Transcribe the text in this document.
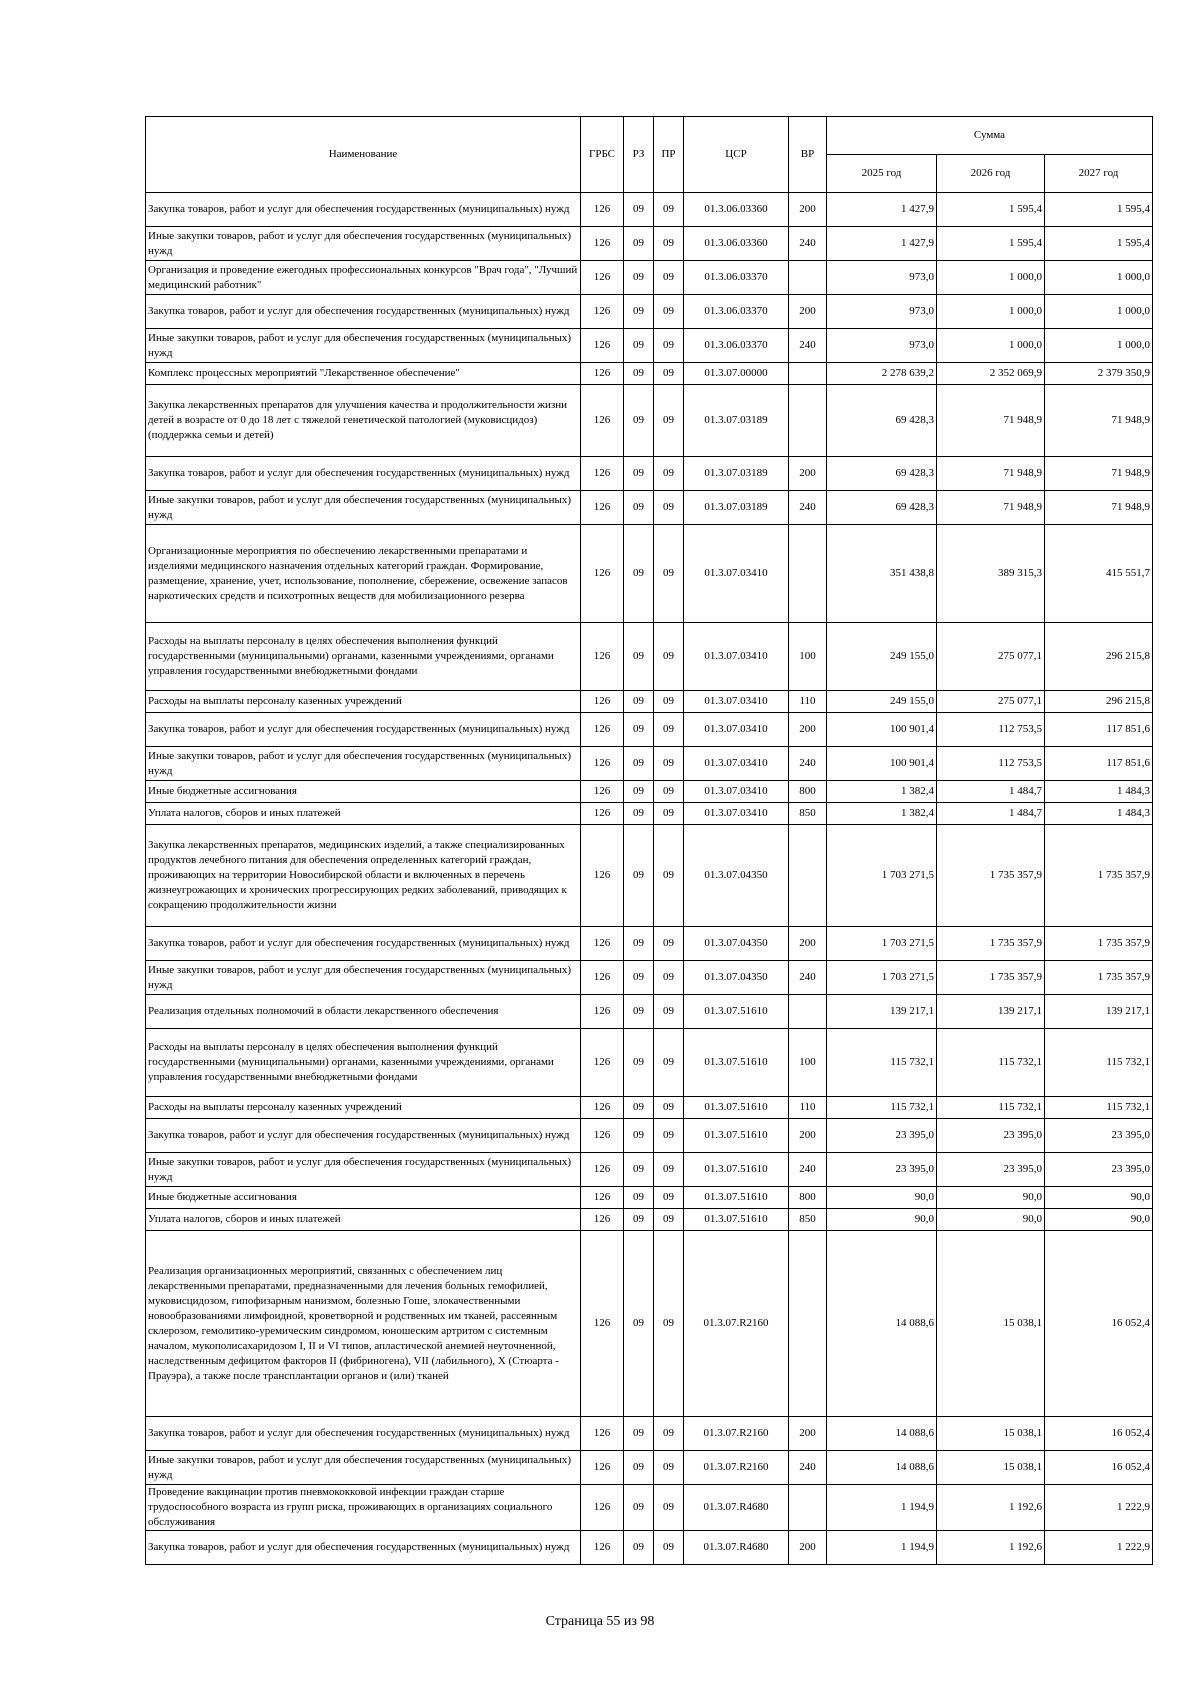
Наименование	ГРБС	РЗ	ПР	ЦСР	ВР	Сумма		
						2025 год	2026 год	2027 год
Закупка товаров, работ и услуг для обеспечения государственных (муниципальных) нужд	126	09	09	01.3.06.03360	200	1 427,9	1 595,4	1 595,4
Иные закупки товаров, работ и услуг для обеспечения государственных (муниципальных) нужд	126	09	09	01.3.06.03360	240	1 427,9	1 595,4	1 595,4
Организация и проведение ежегодных профессиональных конкурсов "Врач года", "Лучший медицинский работник"	126	09	09	01.3.06.03370		973,0	1 000,0	1 000,0
Закупка товаров, работ и услуг для обеспечения государственных (муниципальных) нужд	126	09	09	01.3.06.03370	200	973,0	1 000,0	1 000,0
Иные закупки товаров, работ и услуг для обеспечения государственных (муниципальных) нужд	126	09	09	01.3.06.03370	240	973,0	1 000,0	1 000,0
Комплекс процессных мероприятий "Лекарственное обеспечение"	126	09	09	01.3.07.00000		2 278 639,2	2 352 069,9	2 379 350,9
Закупка лекарственных препаратов для улучшения качества и продолжительности жизни детей в возрасте от 0 до 18 лет с тяжелой генетической патологией (муковисцидоз) (поддержка семьи и детей)	126	09	09	01.3.07.03189		69 428,3	71 948,9	71 948,9
Закупка товаров, работ и услуг для обеспечения государственных (муниципальных) нужд	126	09	09	01.3.07.03189	200	69 428,3	71 948,9	71 948,9
Иные закупки товаров, работ и услуг для обеспечения государственных (муниципальных) нужд	126	09	09	01.3.07.03189	240	69 428,3	71 948,9	71 948,9
Организационные мероприятия по обеспечению лекарственными препаратами и изделиями медицинского назначения отдельных категорий граждан. Формирование, размещение, хранение, учет, использование, пополнение, сбережение, освежение запасов наркотических средств и психотропных веществ для мобилизационного резерва	126	09	09	01.3.07.03410		351 438,8	389 315,3	415 551,7
Расходы на выплаты персоналу в целях обеспечения выполнения функций государственными (муниципальными) органами, казенными учреждениями, органами управления государственными внебюджетными фондами	126	09	09	01.3.07.03410	100	249 155,0	275 077,1	296 215,8
Расходы на выплаты персоналу казенных учреждений	126	09	09	01.3.07.03410	110	249 155,0	275 077,1	296 215,8
Закупка товаров, работ и услуг для обеспечения государственных (муниципальных) нужд	126	09	09	01.3.07.03410	200	100 901,4	112 753,5	117 851,6
Иные закупки товаров, работ и услуг для обеспечения государственных (муниципальных) нужд	126	09	09	01.3.07.03410	240	100 901,4	112 753,5	117 851,6
Иные бюджетные ассигнования	126	09	09	01.3.07.03410	800	1 382,4	1 484,7	1 484,3
Уплата налогов, сборов и иных платежей	126	09	09	01.3.07.03410	850	1 382,4	1 484,7	1 484,3
Закупка лекарственных препаратов, медицинских изделий, а также специализированных продуктов лечебного питания для обеспечения определенных категорий граждан, проживающих на территории Новосибирской области и включенных в перечень жизнеугрожающих и хронических прогрессирующих редких заболеваний, приводящих к сокращению продолжительности жизни	126	09	09	01.3.07.04350		1 703 271,5	1 735 357,9	1 735 357,9
Закупка товаров, работ и услуг для обеспечения государственных (муниципальных) нужд	126	09	09	01.3.07.04350	200	1 703 271,5	1 735 357,9	1 735 357,9
Иные закупки товаров, работ и услуг для обеспечения государственных (муниципальных) нужд	126	09	09	01.3.07.04350	240	1 703 271,5	1 735 357,9	1 735 357,9
Реализация отдельных полномочий в области лекарственного обеспечения	126	09	09	01.3.07.51610		139 217,1	139 217,1	139 217,1
Расходы на выплаты персоналу в целях обеспечения выполнения функций государственными (муниципальными) органами, казенными учреждениями, органами управления государственными внебюджетными фондами	126	09	09	01.3.07.51610	100	115 732,1	115 732,1	115 732,1
Расходы на выплаты персоналу казенных учреждений	126	09	09	01.3.07.51610	110	115 732,1	115 732,1	115 732,1
Закупка товаров, работ и услуг для обеспечения государственных (муниципальных) нужд	126	09	09	01.3.07.51610	200	23 395,0	23 395,0	23 395,0
Иные закупки товаров, работ и услуг для обеспечения государственных (муниципальных) нужд	126	09	09	01.3.07.51610	240	23 395,0	23 395,0	23 395,0
Иные бюджетные ассигнования	126	09	09	01.3.07.51610	800	90,0	90,0	90,0
Уплата налогов, сборов и иных платежей	126	09	09	01.3.07.51610	850	90,0	90,0	90,0
Реализация организационных мероприятий, связанных с обеспечением лиц лекарственными препаратами, предназначенными для лечения больных гемофилией, муковисцидозом, гипофизарным нанизмом, болезнью Гоше, злокачественными новообразованиями лимфоидной, кроветворной и родственных им тканей, рассеянным склерозом, гемолитико-уремическим синдромом, юношеским артритом с системным началом, мукополисахаридозом I, II и VI типов, апластической анемией неуточненной, наследственным дефицитом факторов II (фибриногена), VII (лабильного), X (Стюарта - Прауэра), а также после трансплантации органов и (или) тканей	126	09	09	01.3.07.R2160		14 088,6	15 038,1	16 052,4
Закупка товаров, работ и услуг для обеспечения государственных (муниципальных) нужд	126	09	09	01.3.07.R2160	200	14 088,6	15 038,1	16 052,4
Иные закупки товаров, работ и услуг для обеспечения государственных (муниципальных) нужд	126	09	09	01.3.07.R2160	240	14 088,6	15 038,1	16 052,4
Проведение вакцинации против пневмококковой инфекции граждан старше трудоспособного возраста из групп риска, проживающих в организациях социального обслуживания	126	09	09	01.3.07.R4680		1 194,9	1 192,6	1 222,9
Закупка товаров, работ и услуг для обеспечения государственных (муниципальных) нужд	126	09	09	01.3.07.R4680	200	1 194,9	1 192,6	1 222,9
Страница 55 из 98
